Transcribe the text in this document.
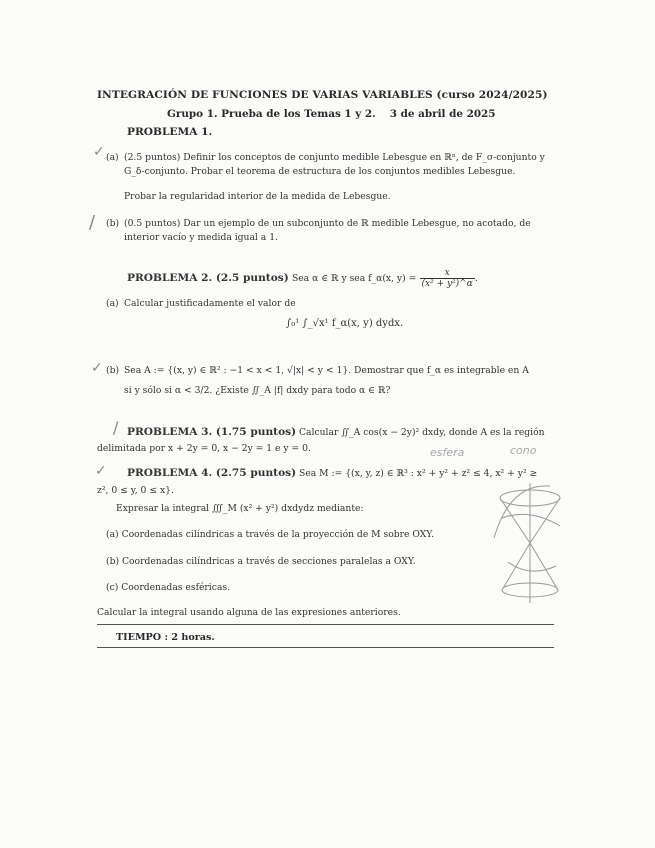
INTEGRACIÓN DE FUNCIONES DE VARIAS VARIABLES (curso 2024/2025)
Grupo 1. Prueba de los Temas 1 y 2. 3 de abril de 2025
PROBLEMA 1.
✓ (a) (2.5 puntos) Definir los conceptos de conjunto medible Lebesgue en ℝⁿ, de F_σ-conjunto y G_δ-conjunto. Probar el teorema de estructura de los conjuntos medibles Lebesgue.
Probar la regularidad interior de la medida de Lebesgue.
/ (b) (0.5 puntos) Dar un ejemplo de un subconjunto de ℝ medible Lebesgue, no acotado, de interior vacío y medida igual a 1.
PROBLEMA 2. (2.5 puntos) Sea α ∈ ℝ y sea f_α(x, $y) = \frac{x}{\text{(x² + y²)\textasciicircum{}α}}$ .
(a) Calcular justificadamente el valor de
∫₀¹ ∫_√x¹ f_α(x, y) dydx.
✓ (b) Sea A := {(x, y) ∈ ℝ² : −1 < x < 1, √|x| < y < 1}. Demostrar que f_α es integrable en A
si y sólo si α < 3/2. ¿Existe ∬_A |f| dxdy para todo α ∈ ℝ?
/ PROBLEMA 3. (1.75 puntos) Calcular ∬_A cos(x − 2y)² dxdy, donde A es la región
delimitada por x + 2y = 0, x − 2y = 1 e y = 0.	esfera	cono
✓ PROBLEMA 4. (2.75 puntos) Sea M := {(x, y, z) ∈ ℝ³ : x² + y² + z² ≤ 4, x² + y² ≥
z², 0 ≤ y, 0 ≤ x}.
Expresar la integral ∭_M (x² + y²) dxdydz mediante:
(a) Coordenadas cilíndricas a través de la proyección de M sobre OXY.
(b) Coordenadas cilíndricas a través de secciones paralelas a OXY.
(c) Coordenadas esféricas.
Calcular la integral usando alguna de las expresiones anteriores.
TIEMPO : 2 horas.
